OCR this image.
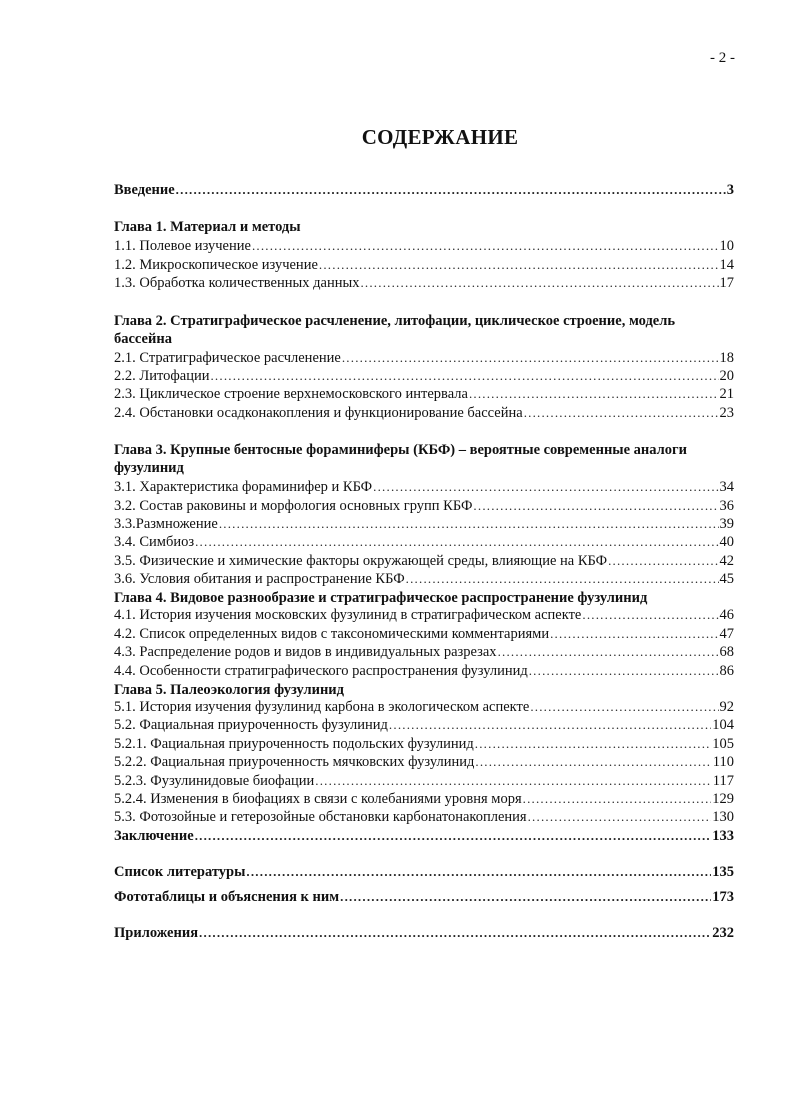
- 2 -
СОДЕРЖАНИЕ
Введение .....	3
Глава 1. Материал и методы
1.1. Полевое изучение .....	10
1.2. Микроскопическое изучение .....	14
1.3. Обработка количественных данных .....	17
Глава 2. Стратиграфическое расчленение, литофации, циклическое строение, модель бассейна
2.1. Стратиграфическое расчленение .....	18
2.2. Литофации .....	20
2.3. Циклическое строение верхнемосковского интервала .....	21
2.4. Обстановки осадконакопления и функционирование бассейна .....	23
Глава 3. Крупные бентосные фораминиферы (КБФ) – вероятные современные аналоги фузулинид
3.1. Характеристика фораминифер и КБФ .....	34
3.2. Состав раковины и морфология основных групп КБФ .....	36
3.3.Размножение .....	39
3.4. Симбиоз .....	40
3.5. Физические и химические факторы окружающей среды, влияющие на КБФ .....	42
3.6. Условия обитания и распространение КБФ .....	45
Глава 4. Видовое разнообразие и стратиграфическое распространение фузулинид
4.1. История изучения московских фузулинид в стратиграфическом аспекте .....	46
4.2. Список определенных видов с таксономическими комментариями .....	47
4.3. Распределение родов и видов в индивидуальных разрезах .....	68
4.4. Особенности стратиграфического распространения фузулинид .....	86
Глава 5. Палеоэкология фузулинид
5.1. История изучения фузулинид карбона в экологическом аспекте .....	92
5.2. Фациальная приуроченность фузулинид .....	104
5.2.1. Фациальная приуроченность подольских фузулинид .....	105
5.2.2. Фациальная приуроченность мячковских фузулинид .....	110
5.2.3. Фузулинидовые биофации .....	117
5.2.4. Изменения в биофациях в связи с колебаниями уровня моря .....	129
5.3. Фотозойные и гетерозойные обстановки карбонатонакопления .....	130
Заключение .....	133
Список литературы .....	135
Фототаблицы и объяснения к ним .....	173
Приложения .....	232
